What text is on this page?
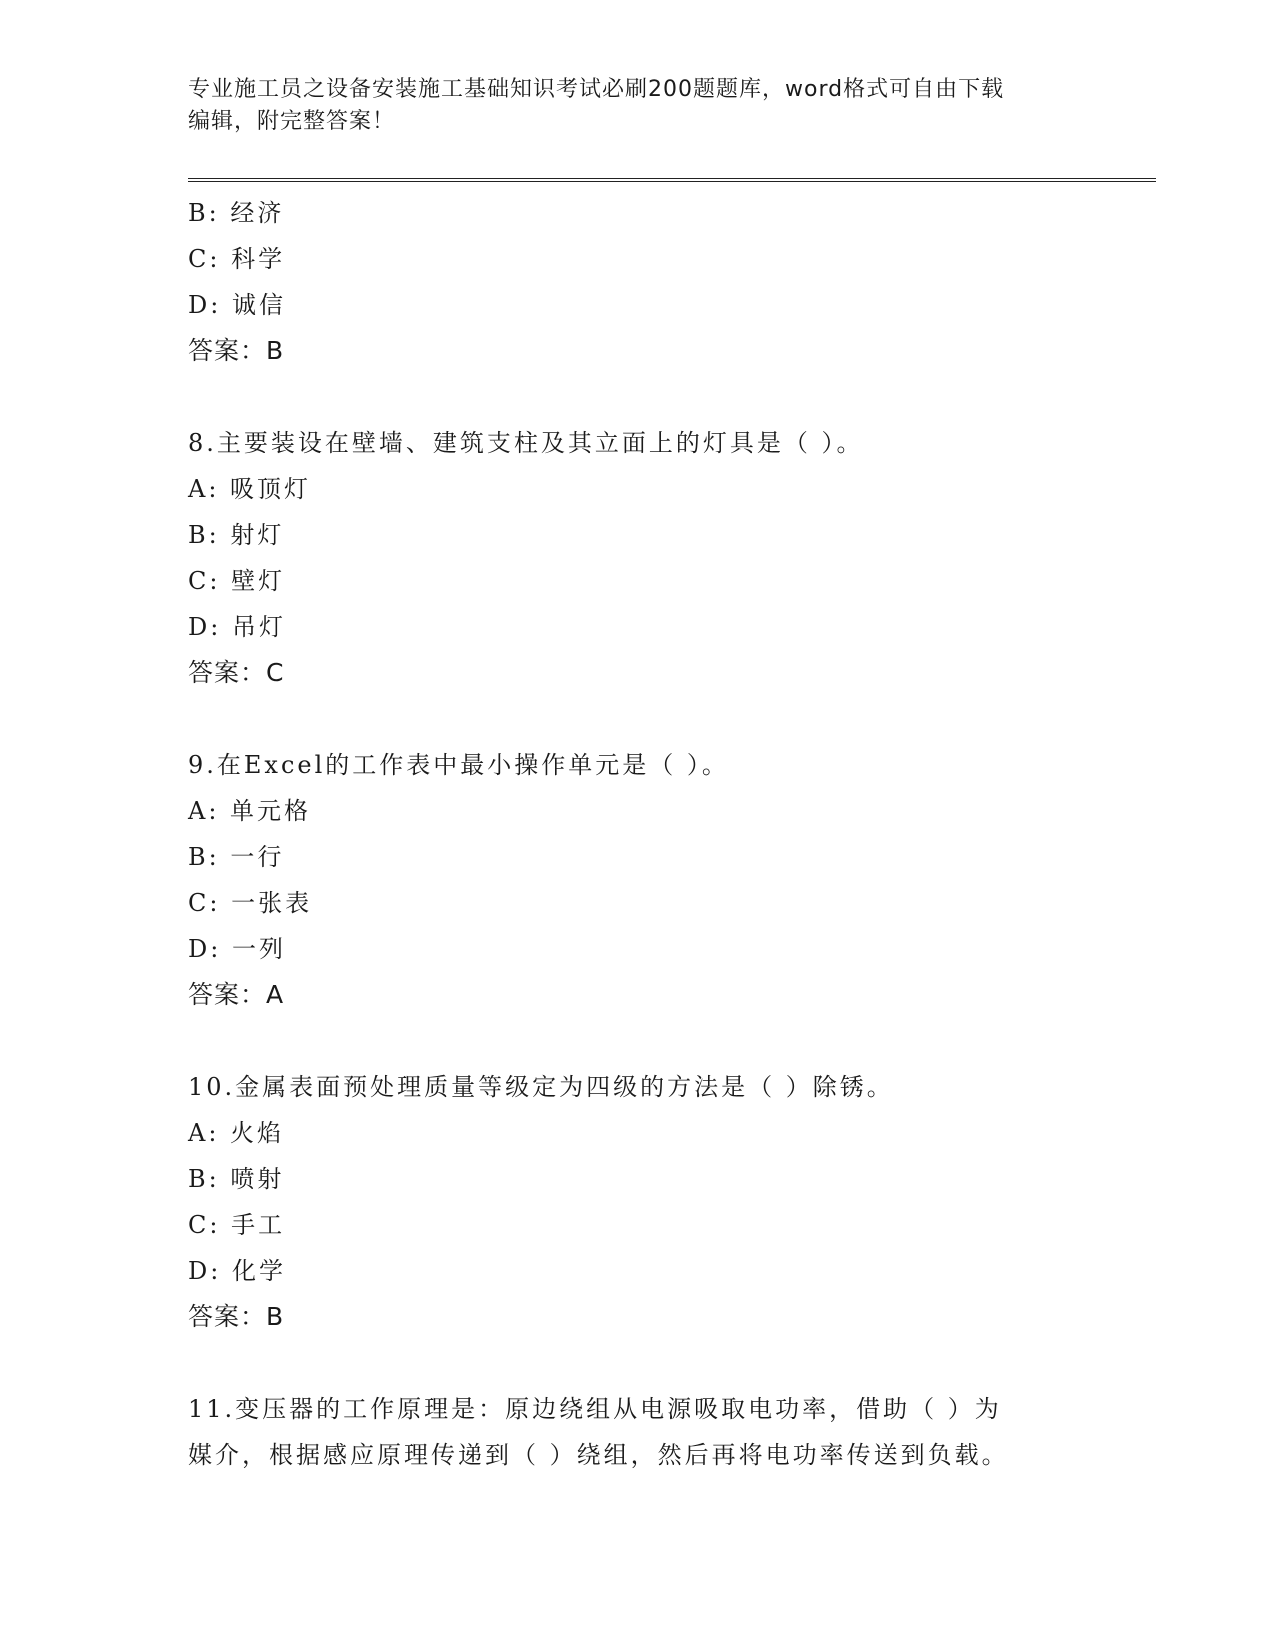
专业施工员之设备安装施工基础知识考试必刷200题题库，word格式可自由下载
编辑，附完整答案！
B: 经济
C: 科学
D: 诚信
答案：B
8.主要装设在壁墙、建筑支柱及其立面上的灯具是（ ）。
A: 吸顶灯
B: 射灯
C: 壁灯
D: 吊灯
答案：C
9.在Excel的工作表中最小操作单元是（ ）。
A: 单元格
B: 一行
C: 一张表
D: 一列
答案：A
10.金属表面预处理质量等级定为四级的方法是（ ）除锈。
A: 火焰
B: 喷射
C: 手工
D: 化学
答案：B
11.变压器的工作原理是：原边绕组从电源吸取电功率，借助（ ）为
媒介，根据感应原理传递到（ ）绕组，然后再将电功率传送到负载。
